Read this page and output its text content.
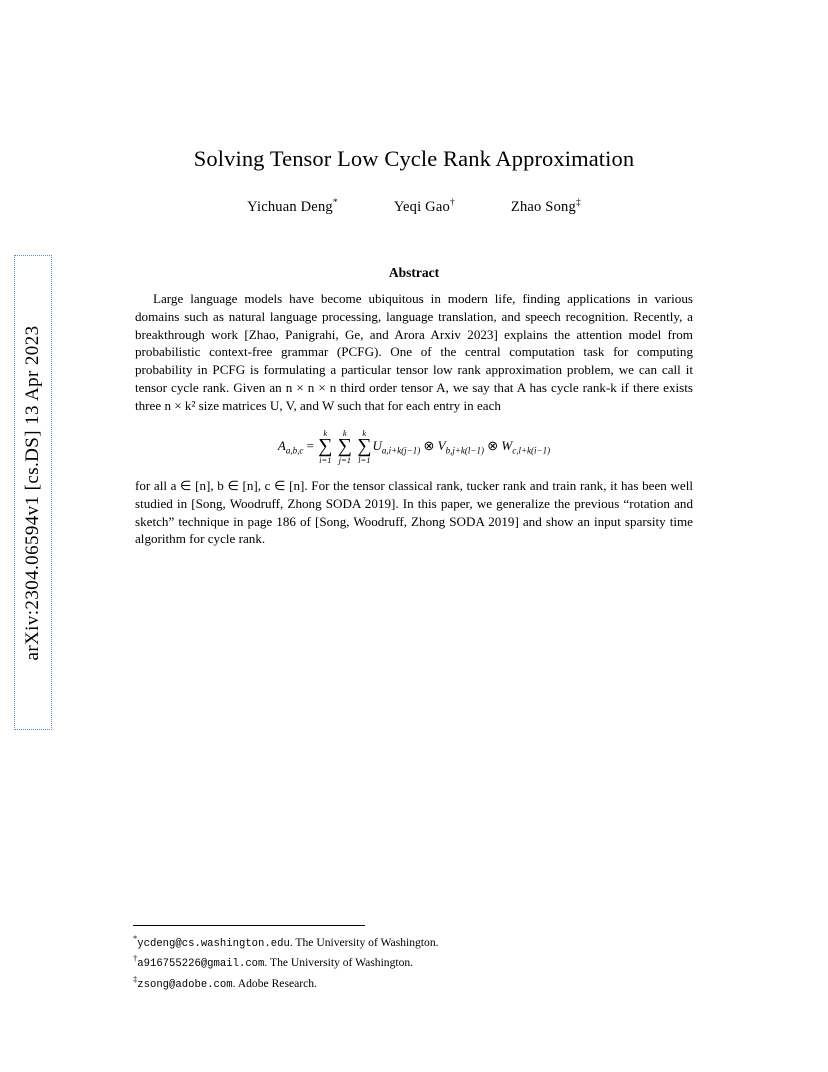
arXiv:2304.06594v1 [cs.DS] 13 Apr 2023
Solving Tensor Low Cycle Rank Approximation
Yichuan Deng*	Yeqi Gao†	Zhao Song‡
Abstract

Large language models have become ubiquitous in modern life, finding applications in various domains such as natural language processing, language translation, and speech recognition. Recently, a breakthrough work [Zhao, Panigrahi, Ge, and Arora Arxiv 2023] explains the attention model from probabilistic context-free grammar (PCFG). One of the central computation task for computing probability in PCFG is formulating a particular tensor low rank approximation problem, we can call it tensor cycle rank. Given an n × n × n third order tensor A, we say that A has cycle rank-k if there exists three n × k² size matrices U, V, and W such that for each entry in each

$A_{a,b,c}$ =
k
∑
i=1

k
∑
j=1

k
∑
l=1
$U_{a,i+k(j-1)}$ ⊗ $V_{b,j+k(l-1)}$ ⊗ $W_{c,l+k(i-1)}$

for all a ∈ [n], b ∈ [n], c ∈ [n]. For the tensor classical rank, tucker rank and train rank, it has been well studied in [Song, Woodruff, Zhong SODA 2019]. In this paper, we generalize the previous “rotation and sketch” technique in page 186 of [Song, Woodruff, Zhong SODA 2019] and show an input sparsity time algorithm for cycle rank.

*ycdeng@cs.washington.edu. The University of Washington.
†a916755226@gmail.com. The University of Washington.
‡zsong@adobe.com. Adobe Research.
